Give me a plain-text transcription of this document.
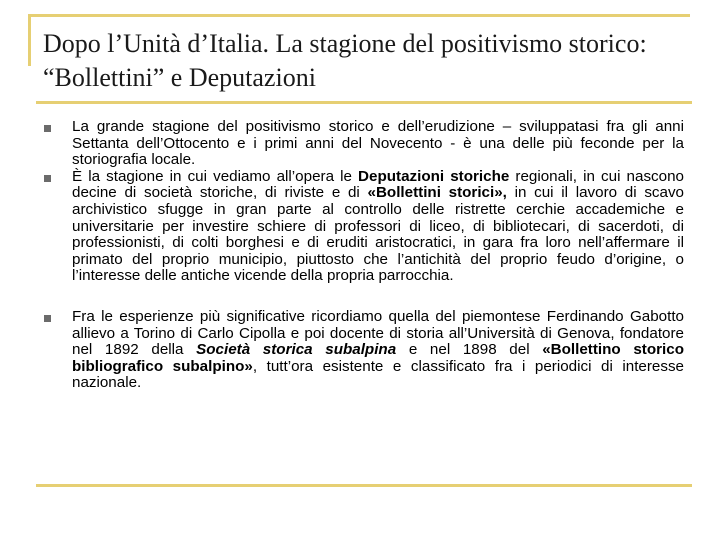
Dopo l’Unità d’Italia. La stagione del positivismo storico: “Bollettini” e Deputazioni
La grande stagione del positivismo storico e dell’erudizione – sviluppatasi fra gli anni Settanta dell’Ottocento e i primi anni del Novecento - è una delle più feconde per la storiografia locale.
È la stagione in cui vediamo all’opera le Deputazioni storiche regionali, in cui nascono decine di società storiche, di riviste e di «Bollettini storici», in cui il lavoro di scavo archivistico sfugge in gran parte al controllo delle ristrette cerchie accademiche e universitarie per investire schiere di professori di liceo, di bibliotecari, di sacerdoti, di professionisti, di colti borghesi e di eruditi aristocratici, in gara fra loro nell’affermare il primato del proprio municipio, piuttosto che l’antichità del proprio feudo d’origine, o l’interesse delle antiche vicende della propria parrocchia.
Fra le esperienze più significative ricordiamo quella del piemontese Ferdinando Gabotto allievo a Torino di Carlo Cipolla e poi docente di storia all’Università di Genova, fondatore nel 1892 della Società storica subalpina e nel 1898 del «Bollettino storico bibliografico subalpino», tutt’ora esistente e classificato fra i periodici di interesse nazionale.
